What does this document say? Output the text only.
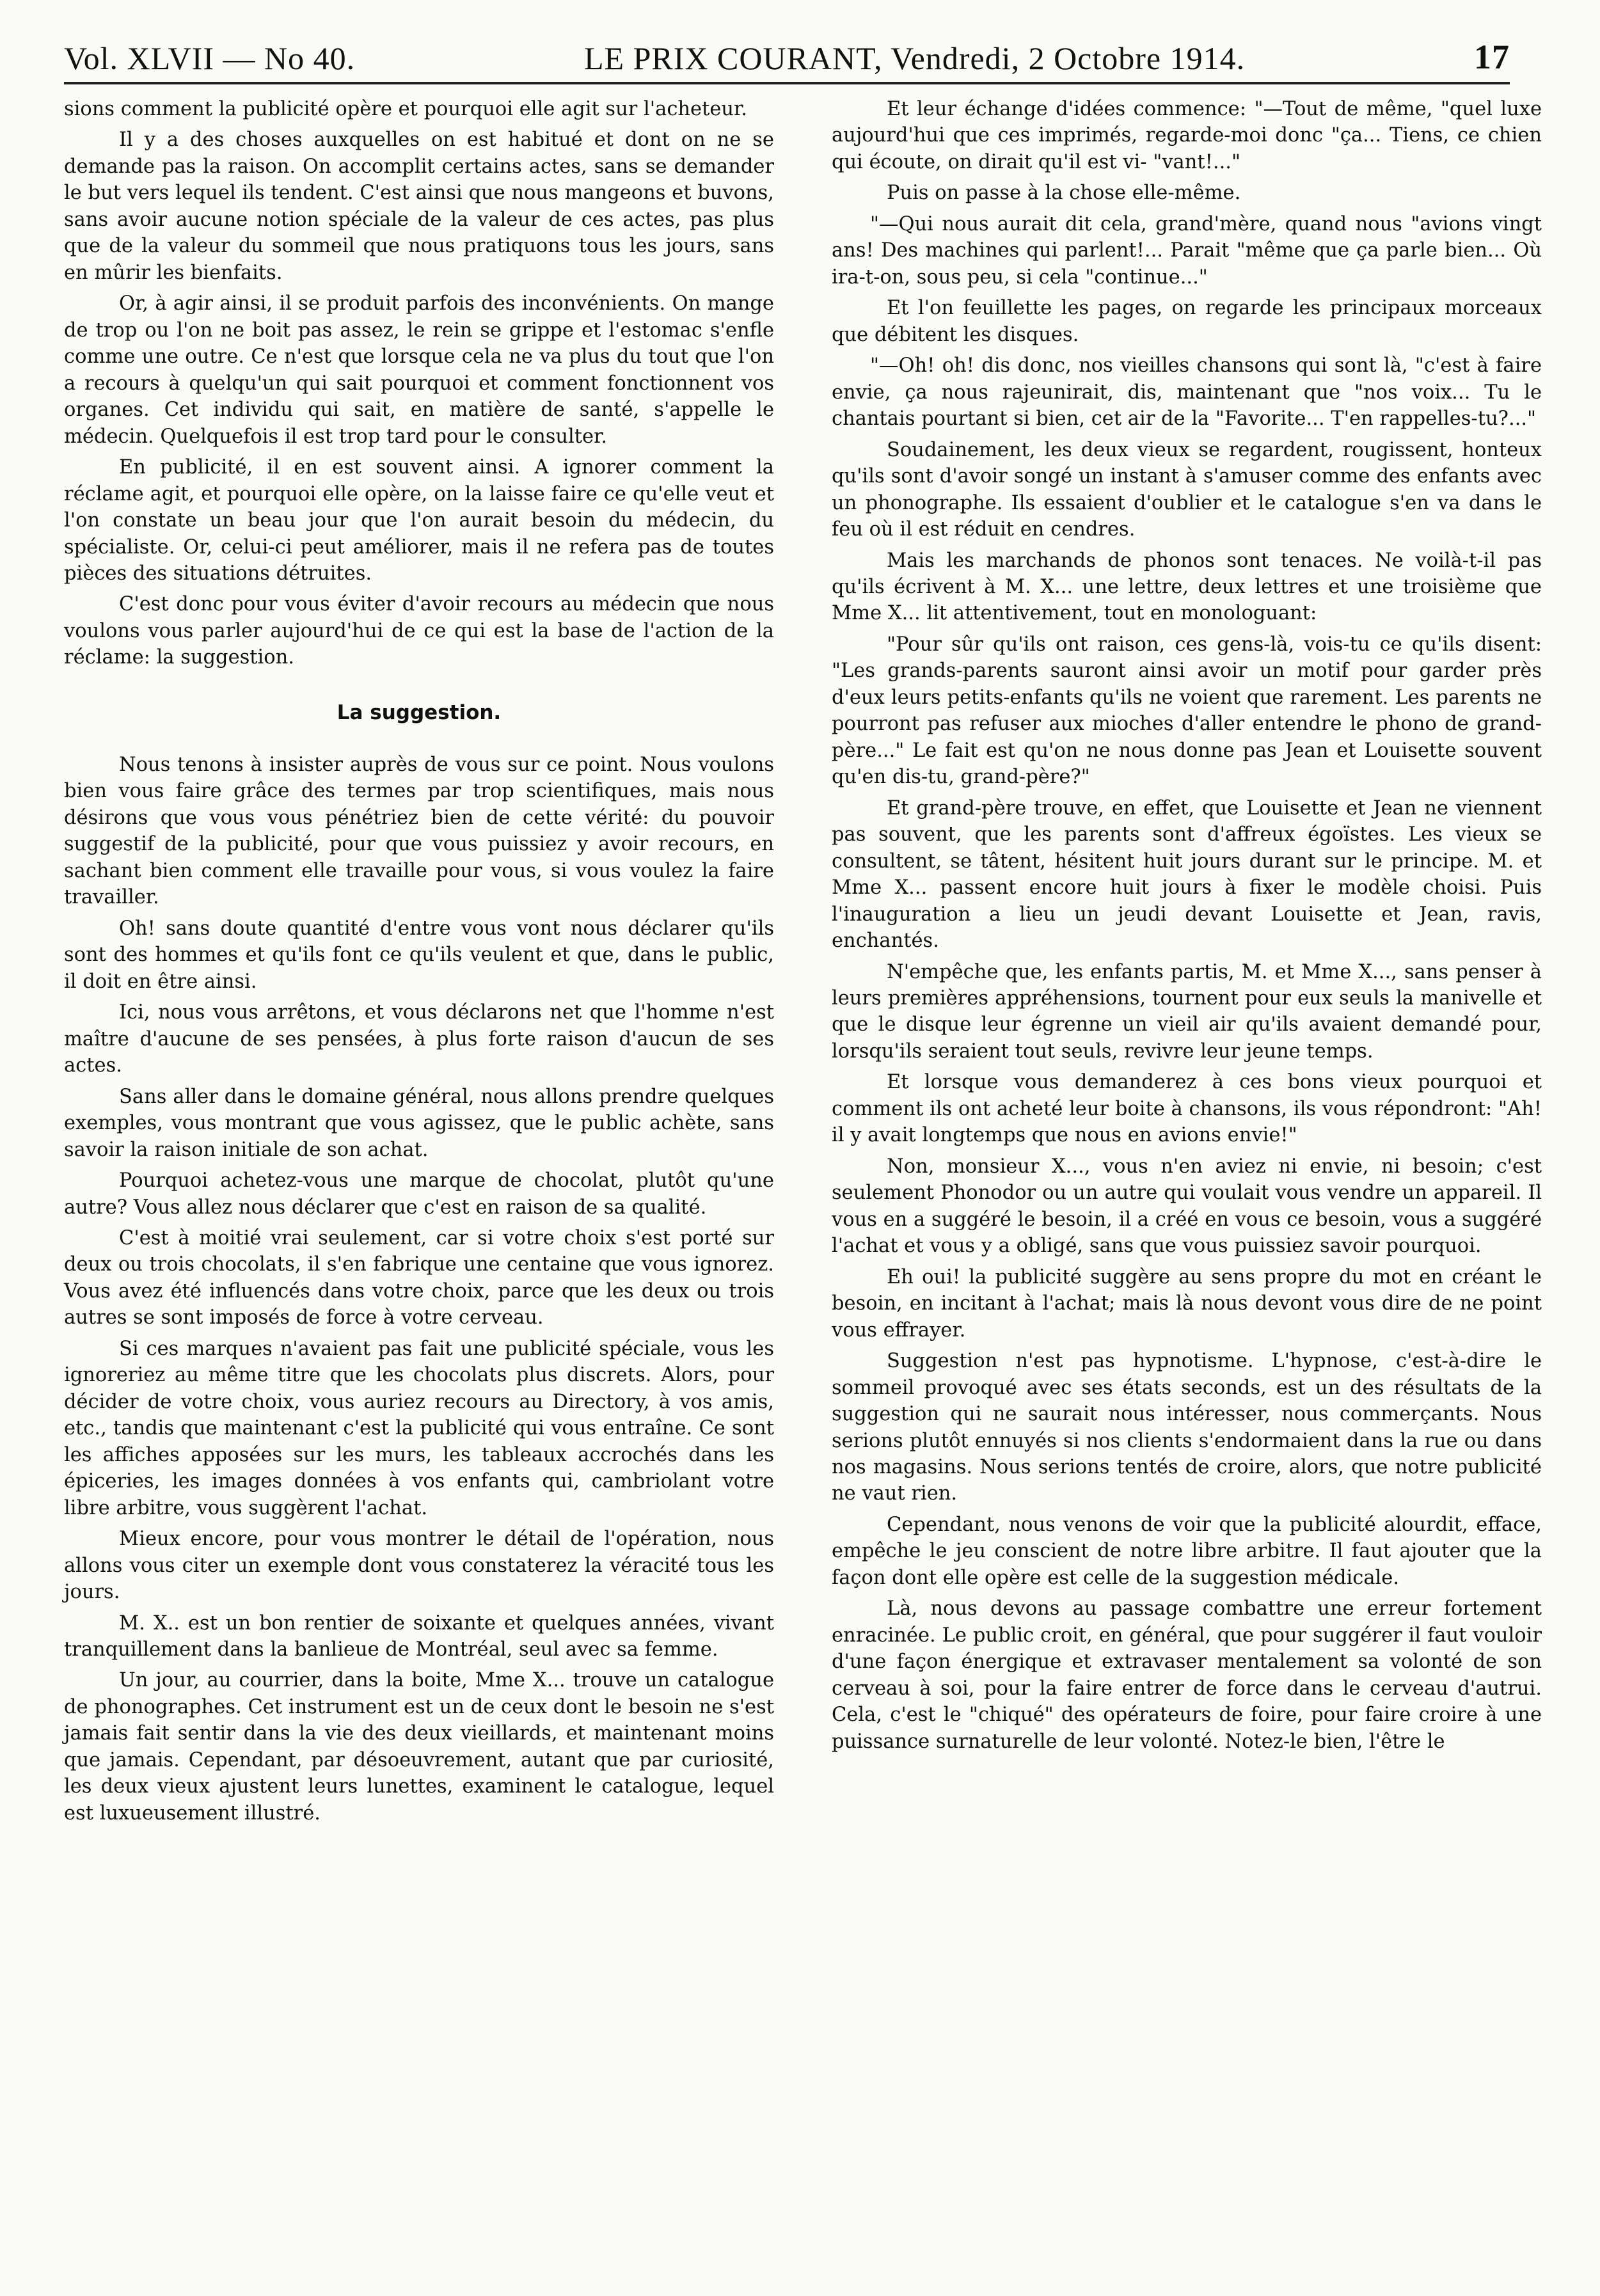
Vol. XLVII — No 40.	LE PRIX COURANT, Vendredi, 2 Octobre 1914.	17

sions comment la publicité opère et pourquoi elle agit sur l'acheteur.

Il y a des choses auxquelles on est habitué et dont on ne se demande pas la raison. On accomplit certains actes, sans se demander le but vers lequel ils tendent. C'est ainsi que nous mangeons et buvons, sans avoir aucune notion spéciale de la valeur de ces actes, pas plus que de la valeur du sommeil que nous pratiquons tous les jours, sans en mûrir les bienfaits.

Or, à agir ainsi, il se produit parfois des inconvénients. On mange de trop ou l'on ne boit pas assez, le rein se grippe et l'estomac s'enfle comme une outre. Ce n'est que lorsque cela ne va plus du tout que l'on a recours à quelqu'un qui sait pourquoi et comment fonctionnent vos organes. Cet individu qui sait, en matière de santé, s'appelle le médecin. Quelquefois il est trop tard pour le consulter.

En publicité, il en est souvent ainsi. A ignorer comment la réclame agit, et pourquoi elle opère, on la laisse faire ce qu'elle veut et l'on constate un beau jour que l'on aurait besoin du médecin, du spécialiste. Or, celui-ci peut améliorer, mais il ne refera pas de toutes pièces des situations détruites.

C'est donc pour vous éviter d'avoir recours au médecin que nous voulons vous parler aujourd'hui de ce qui est la base de l'action de la réclame: la suggestion.

La suggestion.

Nous tenons à insister auprès de vous sur ce point. Nous voulons bien vous faire grâce des termes par trop scientifiques, mais nous désirons que vous vous pénétriez bien de cette vérité: du pouvoir suggestif de la publicité, pour que vous puissiez y avoir recours, en sachant bien comment elle travaille pour vous, si vous voulez la faire travailler.

Oh! sans doute quantité d'entre vous vont nous déclarer qu'ils sont des hommes et qu'ils font ce qu'ils veulent et que, dans le public, il doit en être ainsi.

Ici, nous vous arrêtons, et vous déclarons net que l'homme n'est maître d'aucune de ses pensées, à plus forte raison d'aucun de ses actes.

Sans aller dans le domaine général, nous allons prendre quelques exemples, vous montrant que vous agissez, que le public achète, sans savoir la raison initiale de son achat.

Pourquoi achetez-vous une marque de chocolat, plutôt qu'une autre? Vous allez nous déclarer que c'est en raison de sa qualité.

C'est à moitié vrai seulement, car si votre choix s'est porté sur deux ou trois chocolats, il s'en fabrique une centaine que vous ignorez. Vous avez été influencés dans votre choix, parce que les deux ou trois autres se sont imposés de force à votre cerveau.

Si ces marques n'avaient pas fait une publicité spéciale, vous les ignoreriez au même titre que les chocolats plus discrets. Alors, pour décider de votre choix, vous auriez recours au Directory, à vos amis, etc., tandis que maintenant c'est la publicité qui vous entraîne. Ce sont les affiches apposées sur les murs, les tableaux accrochés dans les épiceries, les images données à vos enfants qui, cambriolant votre libre arbitre, vous suggèrent l'achat.

Mieux encore, pour vous montrer le détail de l'opération, nous allons vous citer un exemple dont vous constaterez la véracité tous les jours.

M. X.. est un bon rentier de soixante et quelques années, vivant tranquillement dans la banlieue de Montréal, seul avec sa femme.

Un jour, au courrier, dans la boite, Mme X... trouve un catalogue de phonographes. Cet instrument est un de ceux dont le besoin ne s'est jamais fait sentir dans la vie des deux vieillards, et maintenant moins que jamais. Cependant, par désoeuvrement, autant que par curiosité, les deux vieux ajustent leurs lunettes, examinent le catalogue, lequel est luxueusement illustré.

Et leur échange d'idées commence: "—Tout de même, "quel luxe aujourd'hui que ces imprimés, regarde-moi donc "ça... Tiens, ce chien qui écoute, on dirait qu'il est vi- "vant!..."

Puis on passe à la chose elle-même.

"—Qui nous aurait dit cela, grand'mère, quand nous "avions vingt ans! Des machines qui parlent!... Parait "même que ça parle bien... Où ira-t-on, sous peu, si cela "continue..."

Et l'on feuillette les pages, on regarde les principaux morceaux que débitent les disques.

"—Oh! oh! dis donc, nos vieilles chansons qui sont là, "c'est à faire envie, ça nous rajeunirait, dis, maintenant que "nos voix... Tu le chantais pourtant si bien, cet air de la "Favorite... T'en rappelles-tu?..."

Soudainement, les deux vieux se regardent, rougissent, honteux qu'ils sont d'avoir songé un instant à s'amuser comme des enfants avec un phonographe. Ils essaient d'oublier et le catalogue s'en va dans le feu où il est réduit en cendres.

Mais les marchands de phonos sont tenaces. Ne voilà-t-il pas qu'ils écrivent à M. X... une lettre, deux lettres et une troisième que Mme X... lit attentivement, tout en monologuant:

"Pour sûr qu'ils ont raison, ces gens-là, vois-tu ce qu'ils disent: "Les grands-parents sauront ainsi avoir un motif pour garder près d'eux leurs petits-enfants qu'ils ne voient que rarement. Les parents ne pourront pas refuser aux mioches d'aller entendre le phono de grand-père..." Le fait est qu'on ne nous donne pas Jean et Louisette souvent qu'en dis-tu, grand-père?"

Et grand-père trouve, en effet, que Louisette et Jean ne viennent pas souvent, que les parents sont d'affreux égoïstes. Les vieux se consultent, se tâtent, hésitent huit jours durant sur le principe. M. et Mme X... passent encore huit jours à fixer le modèle choisi. Puis l'inauguration a lieu un jeudi devant Louisette et Jean, ravis, enchantés.

N'empêche que, les enfants partis, M. et Mme X..., sans penser à leurs premières appréhensions, tournent pour eux seuls la manivelle et que le disque leur égrenne un vieil air qu'ils avaient demandé pour, lorsqu'ils seraient tout seuls, revivre leur jeune temps.

Et lorsque vous demanderez à ces bons vieux pourquoi et comment ils ont acheté leur boite à chansons, ils vous répondront: "Ah! il y avait longtemps que nous en avions envie!"

Non, monsieur X..., vous n'en aviez ni envie, ni besoin; c'est seulement Phonodor ou un autre qui voulait vous vendre un appareil. Il vous en a suggéré le besoin, il a créé en vous ce besoin, vous a suggéré l'achat et vous y a obligé, sans que vous puissiez savoir pourquoi.

Eh oui! la publicité suggère au sens propre du mot en créant le besoin, en incitant à l'achat; mais là nous devont vous dire de ne point vous effrayer.

Suggestion n'est pas hypnotisme. L'hypnose, c'est-à-dire le sommeil provoqué avec ses états seconds, est un des résultats de la suggestion qui ne saurait nous intéresser, nous commerçants. Nous serions plutôt ennuyés si nos clients s'endormaient dans la rue ou dans nos magasins. Nous serions tentés de croire, alors, que notre publicité ne vaut rien.

Cependant, nous venons de voir que la publicité alourdit, efface, empêche le jeu conscient de notre libre arbitre. Il faut ajouter que la façon dont elle opère est celle de la suggestion médicale.

Là, nous devons au passage combattre une erreur fortement enracinée. Le public croit, en général, que pour suggérer il faut vouloir d'une façon énergique et extravaser mentalement sa volonté de son cerveau à soi, pour la faire entrer de force dans le cerveau d'autrui. Cela, c'est le "chiqué" des opérateurs de foire, pour faire croire à une puissance surnaturelle de leur volonté. Notez-le bien, l'être le
